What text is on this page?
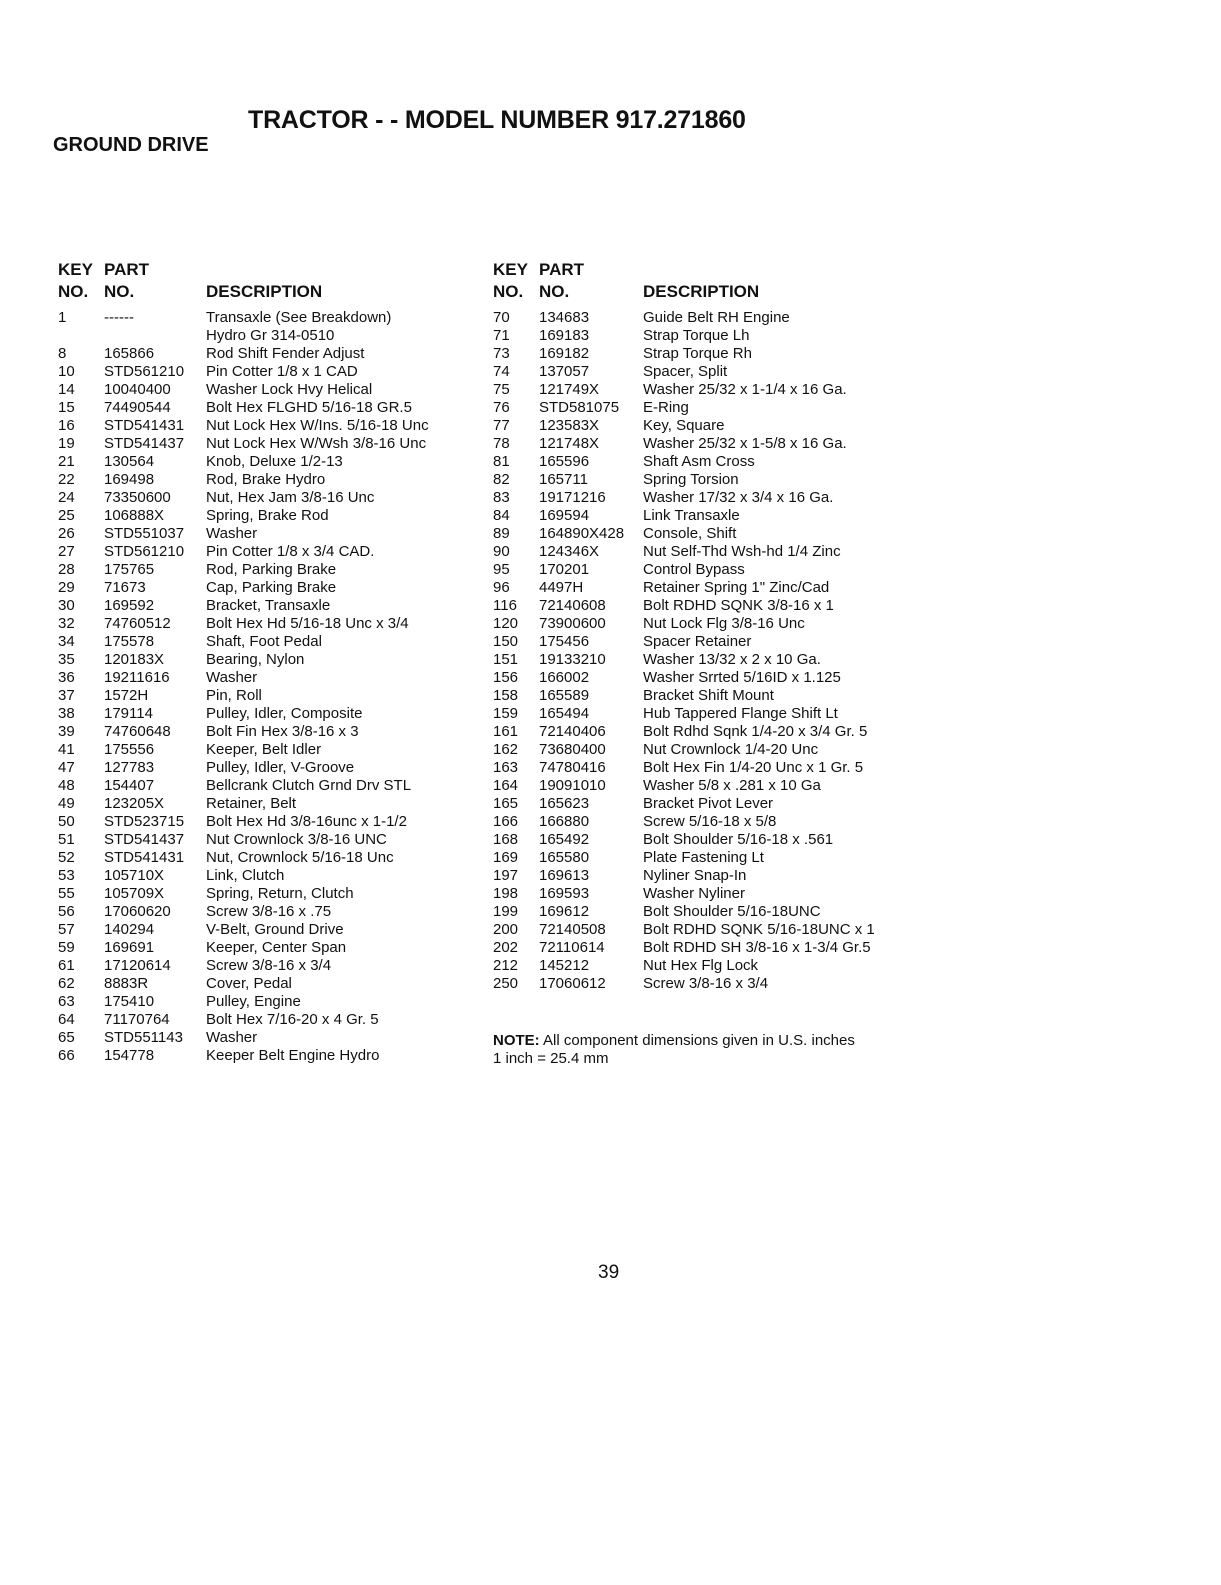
TRACTOR - - MODEL NUMBER 917.271860
GROUND DRIVE
KEY
NO.
PART
NO.	DESCRIPTION
1	------	Transaxle (See Breakdown)
Hydro Gr 314-0510
8	165866	Rod Shift Fender Adjust
10 STD561210 Pin Cotter 1/8 x 1 CAD
14 10040400 Washer Lock Hvy Helical
15 74490544 Bolt Hex FLGHD 5/16-18 GR.5
16 STD541431 Nut Lock Hex W/Ins. 5/16-18 Unc
19 STD541437 Nut Lock Hex W/Wsh 3/8-16 Unc
21 130564	Knob, Deluxe 1/2-13
22 169498	Rod, Brake Hydro
24 73350600 Nut, Hex Jam 3/8-16 Unc
25 106888X	Spring, Brake Rod
26 STD551037 Washer
27 STD561210 Pin Cotter 1/8 x 3/4 CAD.
28 175765	Rod, Parking Brake
29 71673	Cap, Parking Brake
30 169592	Bracket, Transaxle
32 74760512 Bolt Hex Hd 5/16-18 Unc x 3/4
34 175578	Shaft, Foot Pedal
35 120183X	Bearing, Nylon
36 19211616 Washer
37 1572H	Pin, Roll
38 179114	Pulley, Idler, Composite
39 74760648 Bolt Fin Hex 3/8-16 x 3
41 175556	Keeper, Belt Idler
47 127783	Pulley, Idler, V-Groove
48 154407	Bellcrank Clutch Grnd Drv STL
49 123205X	Retainer, Belt
50 STD523715 Bolt Hex Hd 3/8-16unc x 1-1/2
51 STD541437 Nut Crownlock 3/8-16 UNC
52 STD541431 Nut, Crownlock 5/16-18 Unc
53 105710X	Link, Clutch
55 105709X	Spring, Return, Clutch
56 17060620 Screw 3/8-16 x .75
57 140294	V-Belt, Ground Drive
59 169691	Keeper, Center Span
61 17120614 Screw 3/8-16 x 3/4
62 8883R	Cover, Pedal
63 175410	Pulley, Engine
64 71170764 Bolt Hex 7/16-20 x 4 Gr. 5
65 STD551143 Washer
66 154778	Keeper Belt Engine Hydro
KEY
NO.
PART
NO.	DESCRIPTION
70 134683	Guide Belt RH Engine
71 169183	Strap Torque Lh
73 169182	Strap Torque Rh
74 137057	Spacer, Split
75 121749X	Washer 25/32 x 1-1/4 x 16 Ga.
76 STD581075 E-Ring
77 123583X	Key, Square
78 121748X	Washer 25/32 x 1-5/8 x 16 Ga.
81 165596	Shaft Asm Cross
82 165711	Spring Torsion
83 19171216 Washer 17/32 x 3/4 x 16 Ga.
84 169594	Link Transaxle
89 164890X428 Console, Shift
90 124346X	Nut Self-Thd Wsh-hd 1/4 Zinc
95 170201	Control Bypass
96 4497H	Retainer Spring 1" Zinc/Cad
116 72140608 Bolt RDHD SQNK 3/8-16 x 1
120 73900600 Nut Lock Flg 3/8-16 Unc
150 175456	Spacer Retainer
151 19133210 Washer 13/32 x 2 x 10 Ga.
156 166002	Washer Srrted 5/16ID x 1.125
158 165589	Bracket Shift Mount
159 165494	Hub Tappered Flange Shift Lt
161 72140406 Bolt Rdhd Sqnk 1/4-20 x 3/4 Gr. 5
162 73680400 Nut Crownlock 1/4-20 Unc
163 74780416 Bolt Hex Fin 1/4-20 Unc x 1 Gr. 5
164 19091010 Washer 5/8 x .281 x 10 Ga
165 165623	Bracket Pivot Lever
166 166880	Screw 5/16-18 x 5/8
168 165492	Bolt Shoulder 5/16-18 x .561
169 165580	Plate Fastening Lt
197 169613	Nyliner Snap-In
198 169593	Washer Nyliner
199 169612	Bolt Shoulder 5/16-18UNC
200 72140508 Bolt RDHD SQNK 5/16-18UNC x 1
202 72110614	Bolt RDHD SH 3/8-16 x 1-3/4 Gr.5
212 145212	Nut Hex Flg Lock
250 17060612 Screw 3/8-16 x 3/4
NOTE: All component dimensions given in U.S. inches
1 inch = 25.4 mm
39
